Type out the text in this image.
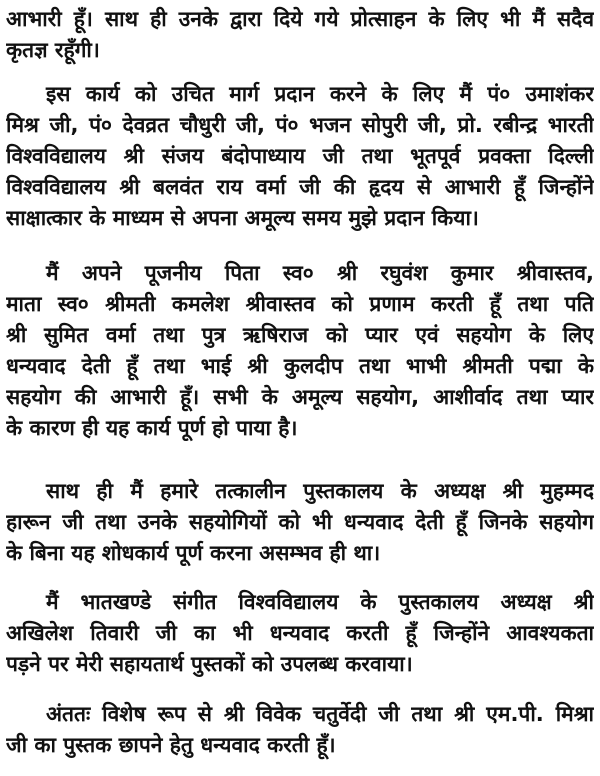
आभारी हूँ। साथ ही उनके द्वारा दिये गये प्रोत्साहन के लिए भी मैं सदैव
कृतज्ञ रहूँगी।
इस कार्य को उचित मार्ग प्रदान करने के लिए मैं पं० उमाशंकर
मिश्र जी, पं० देवव्रत चौधुरी जी, पं० भजन सोपुरी जी, प्रो. रबीन्द्र भारती
विश्वविद्यालय श्री संजय बंदोपाध्याय जी तथा भूतपूर्व प्रवक्ता दिल्ली
विश्वविद्यालय श्री बलवंत राय वर्मा जी की हृदय से आभारी हूँ जिन्होंने
साक्षात्कार के माध्यम से अपना अमूल्य समय मुझे प्रदान किया।
मैं अपने पूजनीय पिता स्व० श्री रघुवंश कुमार श्रीवास्तव,
माता स्व० श्रीमती कमलेश श्रीवास्तव को प्रणाम करती हूँ तथा पति
श्री सुमित वर्मा तथा पुत्र ऋषिराज को प्यार एवं सहयोग के लिए
धन्यवाद देती हूँ तथा भाई श्री कुलदीप तथा भाभी श्रीमती पद्मा के
सहयोग की आभारी हूँ। सभी के अमूल्य सहयोग, आशीर्वाद तथा प्यार
के कारण ही यह कार्य पूर्ण हो पाया है।
साथ ही मैं हमारे तत्कालीन पुस्तकालय के अध्यक्ष श्री मुहम्मद
हारून जी तथा उनके सहयोगियों को भी धन्यवाद देती हूँ जिनके सहयोग
के बिना यह शोधकार्य पूर्ण करना असम्भव ही था।
मैं भातखण्डे संगीत विश्वविद्यालय के पुस्तकालय अध्यक्ष श्री
अखिलेश तिवारी जी का भी धन्यवाद करती हूँ जिन्होंने आवश्यकता
पड़ने पर मेरी सहायतार्थ पुस्तकों को उपलब्ध करवाया।
अंततः विशेष रूप से श्री विवेक चतुर्वेदी जी तथा श्री एम.पी. मिश्रा
जी का पुस्तक छापने हेतु धन्यवाद करती हूँ।
